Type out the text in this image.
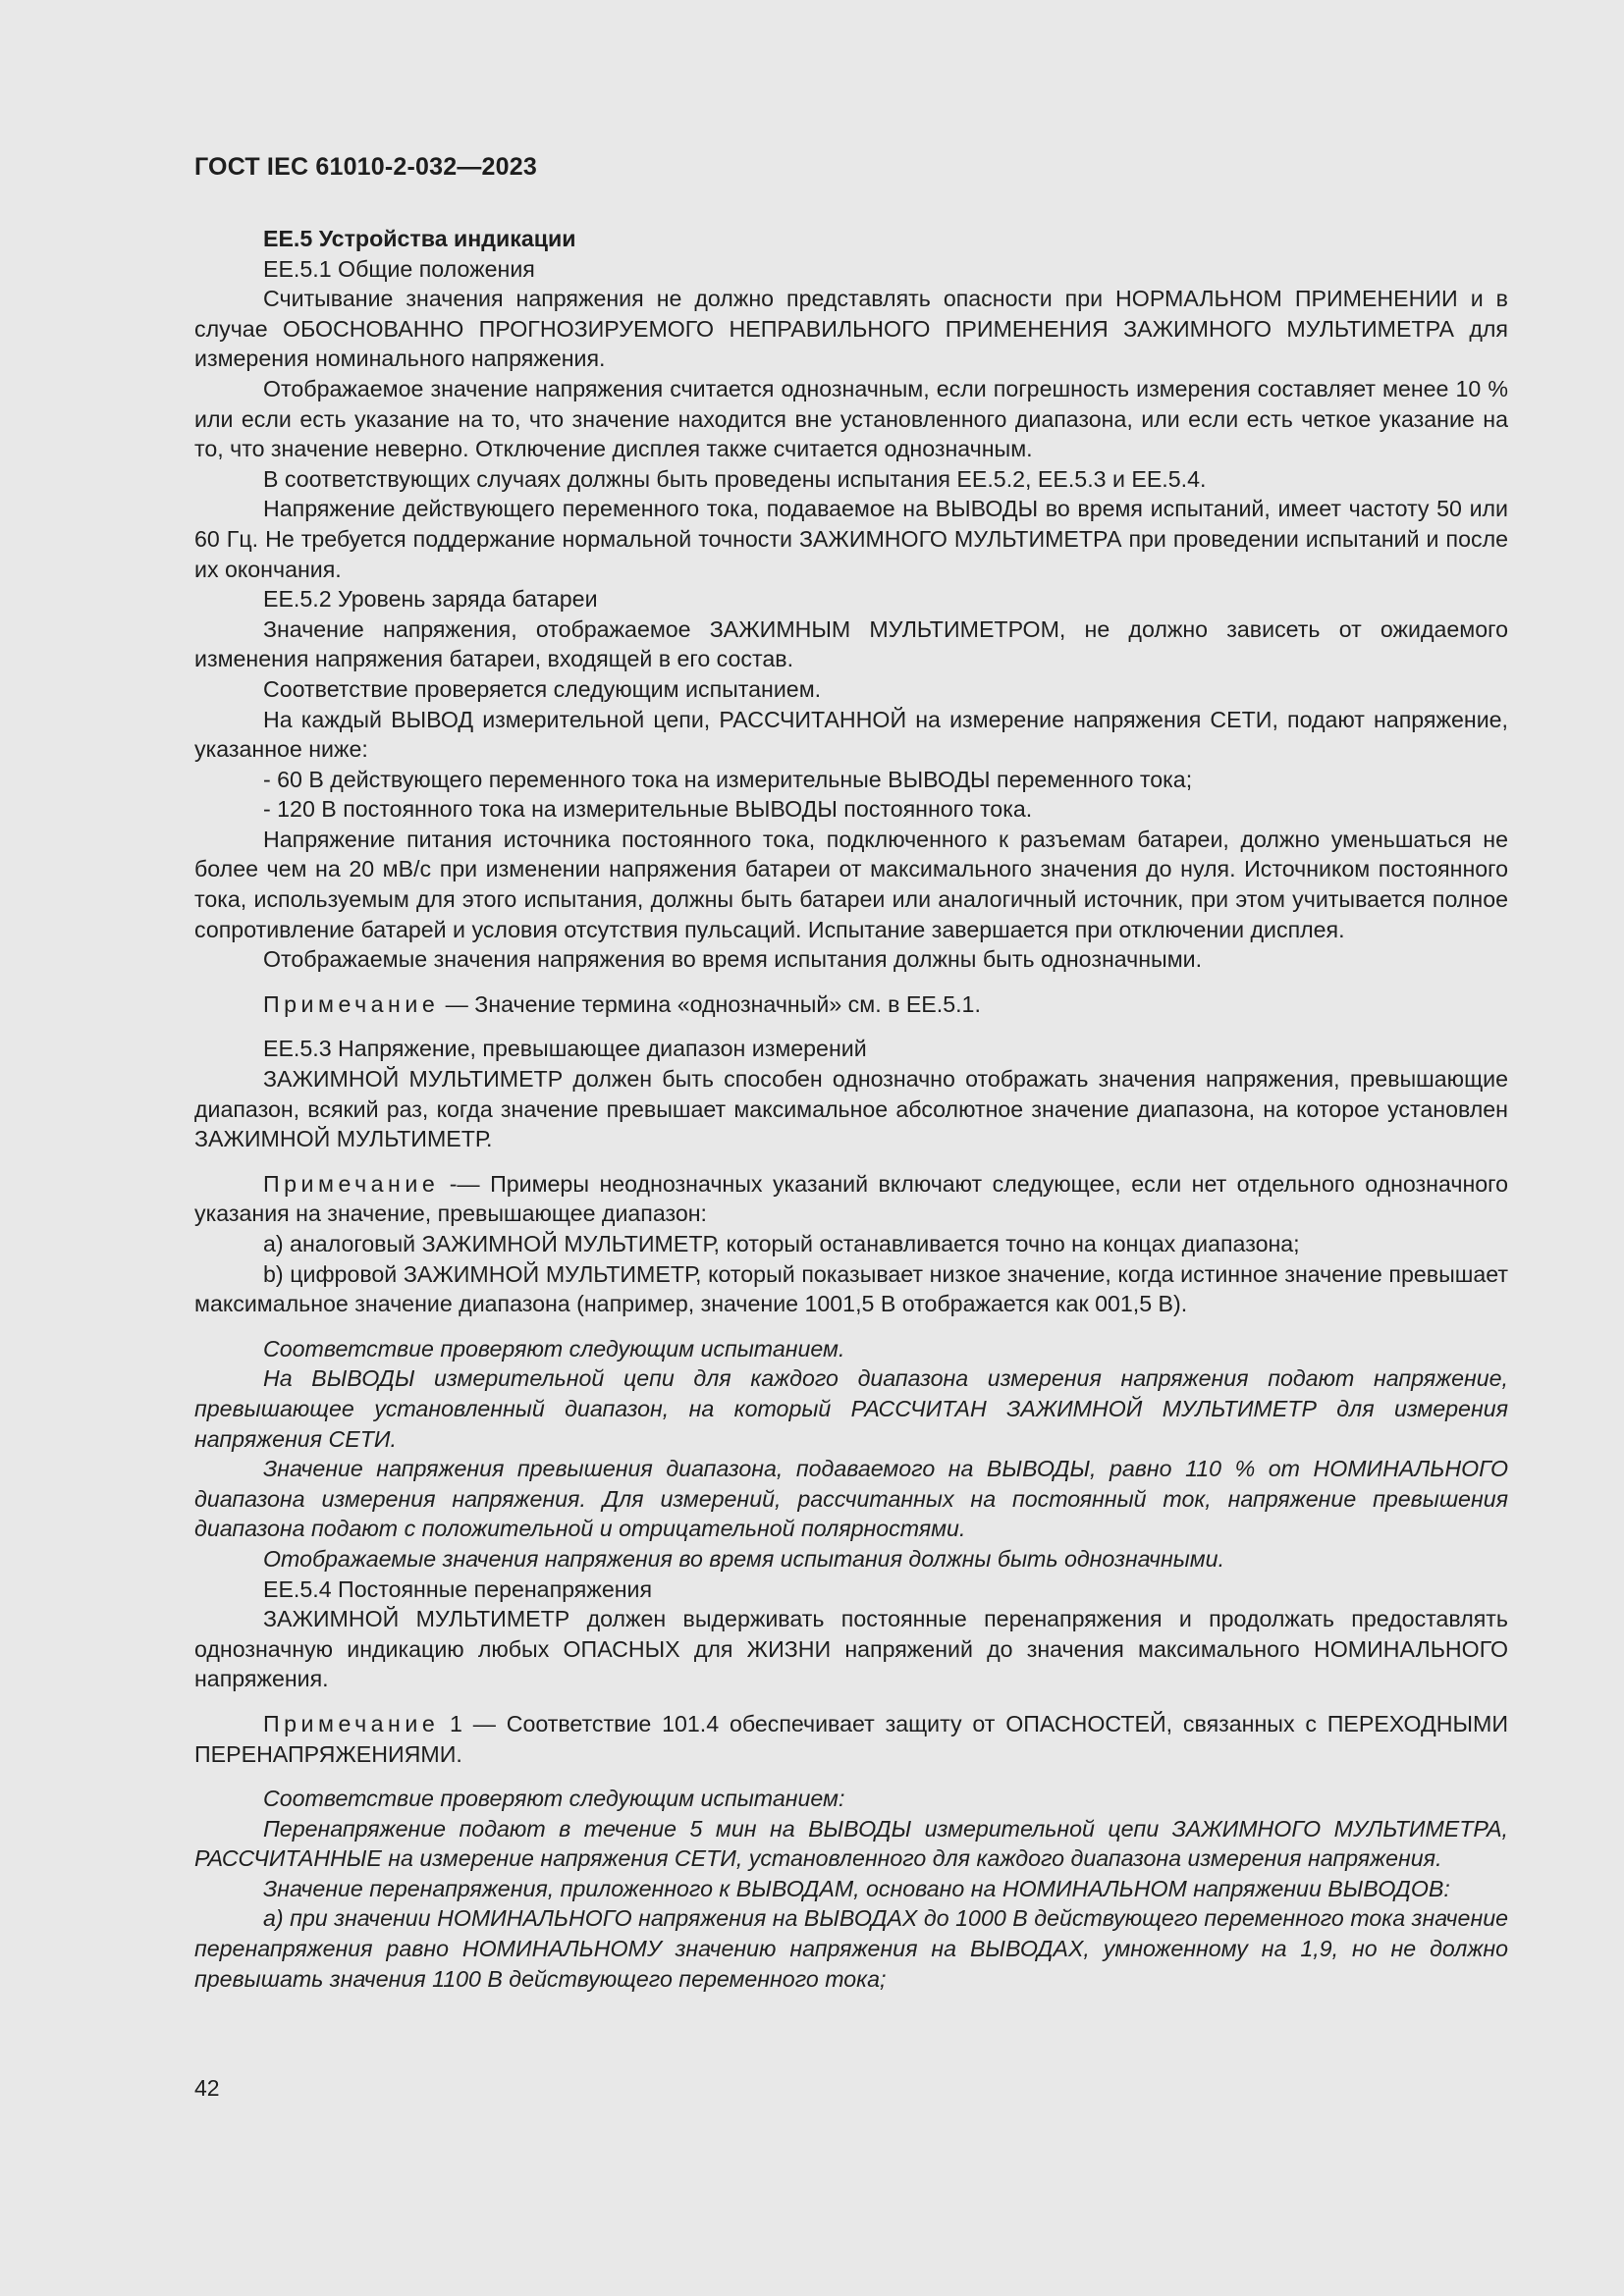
ГОСТ IEC 61010-2-032—2023

EE.5 Устройства индикации

EE.5.1 Общие положения

Считывание значения напряжения не должно представлять опасности при НОРМАЛЬНОМ ПРИМЕНЕНИИ и в случае ОБОСНОВАННО ПРОГНОЗИРУЕМОГО НЕПРАВИЛЬНОГО ПРИМЕНЕНИЯ ЗАЖИМНОГО МУЛЬТИМЕТРА для измерения номинального напряжения.

Отображаемое значение напряжения считается однозначным, если погрешность измерения составляет менее 10 % или если есть указание на то, что значение находится вне установленного диапазона, или если есть четкое указание на то, что значение неверно. Отключение дисплея также считается однозначным.

В соответствующих случаях должны быть проведены испытания EE.5.2, EE.5.3 и EE.5.4.

Напряжение действующего переменного тока, подаваемое на ВЫВОДЫ во время испытаний, имеет частоту 50 или 60 Гц. Не требуется поддержание нормальной точности ЗАЖИМНОГО МУЛЬТИМЕТРА при проведении испытаний и после их окончания.

EE.5.2 Уровень заряда батареи

Значение напряжения, отображаемое ЗАЖИМНЫМ МУЛЬТИМЕТРОМ, не должно зависеть от ожидаемого изменения напряжения батареи, входящей в его состав.

Соответствие проверяется следующим испытанием.

На каждый ВЫВОД измерительной цепи, РАССЧИТАННОЙ на измерение напряжения СЕТИ, подают напряжение, указанное ниже:

- 60 В действующего переменного тока на измерительные ВЫВОДЫ переменного тока;

- 120 В постоянного тока на измерительные ВЫВОДЫ постоянного тока.

Напряжение питания источника постоянного тока, подключенного к разъемам батареи, должно уменьшаться не более чем на 20 мВ/с при изменении напряжения батареи от максимального значения до нуля. Источником постоянного тока, используемым для этого испытания, должны быть батареи или аналогичный источник, при этом учитывается полное сопротивление батарей и условия отсутствия пульсаций. Испытание завершается при отключении дисплея.

Отображаемые значения напряжения во время испытания должны быть однозначными.

Примечание — Значение термина «однозначный» см. в EE.5.1.

EE.5.3 Напряжение, превышающее диапазон измерений

ЗАЖИМНОЙ МУЛЬТИМЕТР должен быть способен однозначно отображать значения напряжения, превышающие диапазон, всякий раз, когда значение превышает максимальное абсолютное значение диапазона, на которое установлен ЗАЖИМНОЙ МУЛЬТИМЕТР.

Примечание -— Примеры неоднозначных указаний включают следующее, если нет отдельного однозначного указания на значение, превышающее диапазон:

a) аналоговый ЗАЖИМНОЙ МУЛЬТИМЕТР, который останавливается точно на концах диапазона;

b) цифровой ЗАЖИМНОЙ МУЛЬТИМЕТР, который показывает низкое значение, когда истинное значение превышает максимальное значение диапазона (например, значение 1001,5 В отображается как 001,5 В).

Соответствие проверяют следующим испытанием.

На ВЫВОДЫ измерительной цепи для каждого диапазона измерения напряжения подают напряжение, превышающее установленный диапазон, на который РАССЧИТАН ЗАЖИМНОЙ МУЛЬТИМЕТР для измерения напряжения СЕТИ.

Значение напряжения превышения диапазона, подаваемого на ВЫВОДЫ, равно 110 % от НОМИНАЛЬНОГО диапазона измерения напряжения. Для измерений, рассчитанных на постоянный ток, напряжение превышения диапазона подают с положительной и отрицательной полярностями.

Отображаемые значения напряжения во время испытания должны быть однозначными.

EE.5.4 Постоянные перенапряжения

ЗАЖИМНОЙ МУЛЬТИМЕТР должен выдерживать постоянные перенапряжения и продолжать предоставлять однозначную индикацию любых ОПАСНЫХ для ЖИЗНИ напряжений до значения максимального НОМИНАЛЬНОГО напряжения.

Примечание 1 — Соответствие 101.4 обеспечивает защиту от ОПАСНОСТЕЙ, связанных с ПЕРЕХОДНЫМИ ПЕРЕНАПРЯЖЕНИЯМИ.

Соответствие проверяют следующим испытанием:

Перенапряжение подают в течение 5 мин на ВЫВОДЫ измерительной цепи ЗАЖИМНОГО МУЛЬТИМЕТРА, РАССЧИТАННЫЕ на измерение напряжения СЕТИ, установленного для каждого диапазона измерения напряжения.

Значение перенапряжения, приложенного к ВЫВОДАМ, основано на НОМИНАЛЬНОМ напряжении ВЫВОДОВ:

a) при значении НОМИНАЛЬНОГО напряжения на ВЫВОДАХ до 1000 В действующего переменного тока значение перенапряжения равно НОМИНАЛЬНОМУ значению напряжения на ВЫВОДАХ, умноженному на 1,9, но не должно превышать значения 1100 В действующего переменного тока;

42
